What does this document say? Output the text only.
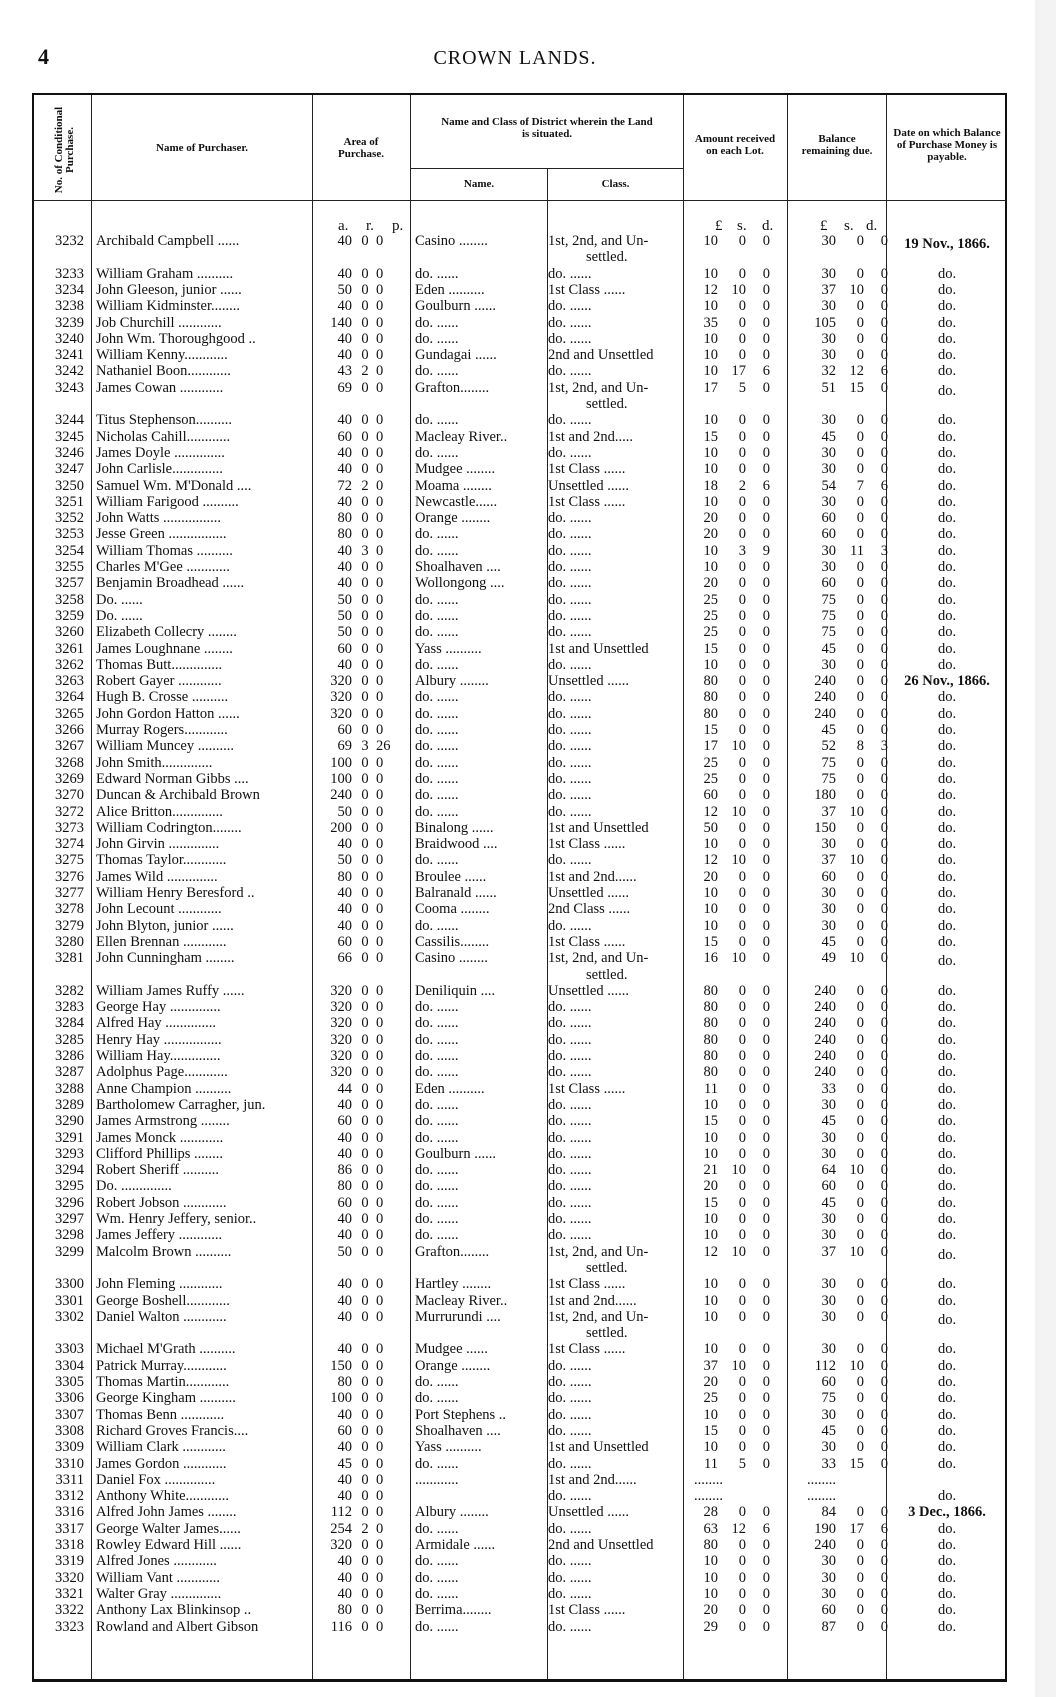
4	CROWN LANDS.
No. of Conditional Purchase.	Name of Purchaser.	Area of Purchase.
Name and Class of District wherein the Land is situated.
Name.	Class.
Amount received on each Lot.
Balance remaining due.
Date on which Balance of Purchase Money is payable.
a. r. p.	£ s. d.	£ s. d.
3232 Archibald Campbell ......	40 0 0	Casino ........	1st, 2nd, and Un-	10	0	0	30	0	0	19 Nov., 1866.
settled.
3233 William Graham ..........	40 0 0	do. ......	do. ......	10	0	0	30	0	0	do.
3234 John Gleeson, junior ......	50 0 0	Eden ..........	1st Class ......	12 10	0	37 10	0	do.
3238 William Kidminster........	40 0 0	Goulburn ......	do. ......	10	0	0	30	0	0	do.
3239 Job Churchill ............	140 0 0	do. ......	do. ......	35	0	0	105	0	0	do.
3240 John Wm. Thoroughgood ..	40 0 0	do. ......	do. ......	10	0	0	30	0	0	do.
3241 William Kenny............	40 0 0	Gundagai ......	2nd and Unsettled	10	0	0	30	0	0	do.
3242 Nathaniel Boon............	43 2 0	do. ......	do. ......	10 17	6	32 12	6	do.
3243 James Cowan ............	69 0 0	Grafton........	1st, 2nd, and Un-	17	5	0	51 15	0	do.
settled.
3244 Titus Stephenson..........	40 0 0	do. ......	do. ......	10	0	0	30	0	0	do.
3245 Nicholas Cahill............	60 0 0	Macleay River..	1st and 2nd.....	15	0	0	45	0	0	do.
3246 James Doyle ..............	40 0 0	do. ......	do. ......	10	0	0	30	0	0	do.
3247 John Carlisle..............	40 0 0	Mudgee ........	1st Class ......	10	0	0	30	0	0	do.
3250 Samuel Wm. M'Donald ....	72 2 0	Moama ........	Unsettled ......	18	2	6	54	7	6	do.
3251 William Farigood ..........	40 0 0	Newcastle......	1st Class ......	10	0	0	30	0	0	do.
3252 John Watts ................	80 0 0	Orange ........	do. ......	20	0	0	60	0	0	do.
3253 Jesse Green ................	80 0 0	do. ......	do. ......	20	0	0	60	0	0	do.
3254 William Thomas ..........	40 3 0	do. ......	do. ......	10	3	9	30 11	3	do.
3255 Charles M'Gee ............	40 0 0	Shoalhaven ....	do. ......	10	0	0	30	0	0	do.
3257 Benjamin Broadhead ......	40 0 0	Wollongong ....	do. ......	20	0	0	60	0	0	do.
3258 Do. ......	50 0 0	do. ......	do. ......	25	0	0	75	0	0	do.
3259 Do. ......	50 0 0	do. ......	do. ......	25	0	0	75	0	0	do.
3260 Elizabeth Collecry ........	50 0 0	do. ......	do. ......	25	0	0	75	0	0	do.
3261 James Loughnane ........	60 0 0	Yass ..........	1st and Unsettled	15	0	0	45	0	0	do.
3262 Thomas Butt..............	40 0 0	do. ......	do. ......	10	0	0	30	0	0	do.
3263 Robert Gayer ............	320 0 0	Albury ........	Unsettled ......	80	0	0	240	0	0	26 Nov., 1866.
3264 Hugh B. Crosse ..........	320 0 0	do. ......	do. ......	80	0	0	240	0	0	do.
3265 John Gordon Hatton ......	320 0 0	do. ......	do. ......	80	0	0	240	0	0	do.
3266 Murray Rogers............	60 0 0	do. ......	do. ......	15	0	0	45	0	0	do.
3267 William Muncey ..........	69 3 26	do. ......	do. ......	17 10	0	52	8	3	do.
3268 John Smith..............	100 0 0	do. ......	do. ......	25	0	0	75	0	0	do.
3269 Edward Norman Gibbs ....	100 0 0	do. ......	do. ......	25	0	0	75	0	0	do.
3270 Duncan & Archibald Brown	240 0 0	do. ......	do. ......	60	0	0	180	0	0	do.
3272 Alice Britton..............	50 0 0	do. ......	do. ......	12 10	0	37 10	0	do.
3273 William Codrington........	200 0 0	Binalong ......	1st and Unsettled	50	0	0	150	0	0	do.
3274 John Girvin ..............	40 0 0	Braidwood ....	1st Class ......	10	0	0	30	0	0	do.
3275 Thomas Taylor............	50 0 0	do. ......	do. ......	12 10	0	37 10	0	do.
3276 James Wild ..............	80 0 0	Broulee ......	1st and 2nd......	20	0	0	60	0	0	do.
3277 William Henry Beresford ..	40 0 0	Balranald ......	Unsettled ......	10	0	0	30	0	0	do.
3278 John Lecount ............	40 0 0	Cooma ........	2nd Class ......	10	0	0	30	0	0	do.
3279 John Blyton, junior ......	40 0 0	do. ......	do. ......	10	0	0	30	0	0	do.
3280 Ellen Brennan ............	60 0 0	Cassilis........	1st Class ......	15	0	0	45	0	0	do.
3281 John Cunningham ........	66 0 0	Casino ........	1st, 2nd, and Un-	16 10	0	49 10	0	do.
settled.
3282 William James Ruffy ......	320 0 0	Deniliquin ....	Unsettled ......	80	0	0	240	0	0	do.
3283 George Hay ..............	320 0 0	do. ......	do. ......	80	0	0	240	0	0	do.
3284 Alfred Hay ..............	320 0 0	do. ......	do. ......	80	0	0	240	0	0	do.
3285 Henry Hay ................	320 0 0	do. ......	do. ......	80	0	0	240	0	0	do.
3286 William Hay..............	320 0 0	do. ......	do. ......	80	0	0	240	0	0	do.
3287 Adolphus Page............	320 0 0	do. ......	do. ......	80	0	0	240	0	0	do.
3288 Anne Champion ..........	44 0 0	Eden ..........	1st Class ......	11	0	0	33	0	0	do.
3289 Bartholomew Carragher, jun.	40 0 0	do. ......	do. ......	10	0	0	30	0	0	do.
3290 James Armstrong ........	60 0 0	do. ......	do. ......	15	0	0	45	0	0	do.
3291 James Monck ............	40 0 0	do. ......	do. ......	10	0	0	30	0	0	do.
3293 Clifford Phillips ........	40 0 0	Goulburn ......	do. ......	10	0	0	30	0	0	do.
3294 Robert Sheriff ..........	86 0 0	do. ......	do. ......	21 10	0	64 10	0	do.
3295 Do. ..............	80 0 0	do. ......	do. ......	20	0	0	60	0	0	do.
3296 Robert Jobson ............	60 0 0	do. ......	do. ......	15	0	0	45	0	0	do.
3297 Wm. Henry Jeffery, senior..	40 0 0	do. ......	do. ......	10	0	0	30	0	0	do.
3298 James Jeffery ............	40 0 0	do. ......	do. ......	10	0	0	30	0	0	do.
3299 Malcolm Brown ..........	50 0 0	Grafton........	1st, 2nd, and Un-	12 10	0	37 10	0	do.
settled.
3300 John Fleming ............	40 0 0	Hartley ........	1st Class ......	10	0	0	30	0	0	do.
3301 George Boshell............	40 0 0	Macleay River..	1st and 2nd......	10	0	0	30	0	0	do.
3302 Daniel Walton ............	40 0 0	Murrurundi ....	1st, 2nd, and Un-	10	0	0	30	0	0	do.
settled.
3303 Michael M'Grath ..........	40 0 0	Mudgee ......	1st Class ......	10	0	0	30	0	0	do.
3304 Patrick Murray............	150 0 0	Orange ........	do. ......	37 10	0	112 10	0	do.
3305 Thomas Martin............	80 0 0	do. ......	do. ......	20	0	0	60	0	0	do.
3306 George Kingham ..........	100 0 0	do. ......	do. ......	25	0	0	75	0	0	do.
3307 Thomas Benn ............	40 0 0	Port Stephens ..	do. ......	10	0	0	30	0	0	do.
3308 Richard Groves Francis....	60 0 0	Shoalhaven ....	do. ......	15	0	0	45	0	0	do.
3309 William Clark ............	40 0 0	Yass ..........	1st and Unsettled	10	0	0	30	0	0	do.
3310 James Gordon ............	45 0 0	do. ......	do. ......	11	5	0	33 15	0	do.
3311 Daniel Fox ..............	40 0 0	............	1st and 2nd......	........	........
3312 Anthony White............	40 0 0	do. ......	........	........	do.
3316 Alfred John James ........	112 0 0	Albury ........	Unsettled ......	28	0	0	84	0	0	3 Dec., 1866.
3317 George Walter James......	254 2 0	do. ......	do. ......	63 12	6	190 17	6	do.
3318 Rowley Edward Hill ......	320 0 0	Armidale ......	2nd and Unsettled	80	0	0	240	0	0	do.
3319 Alfred Jones ............	40 0 0	do. ......	do. ......	10	0	0	30	0	0	do.
3320 William Vant ............	40 0 0	do. ......	do. ......	10	0	0	30	0	0	do.
3321 Walter Gray ..............	40 0 0	do. ......	do. ......	10	0	0	30	0	0	do.
3322 Anthony Lax Blinkinsop ..	80 0 0	Berrima........	1st Class ......	20	0	0	60	0	0	do.
3323 Rowland and Albert Gibson	116 0 0	do. ......	do. ......	29	0	0	87	0	0	do.
